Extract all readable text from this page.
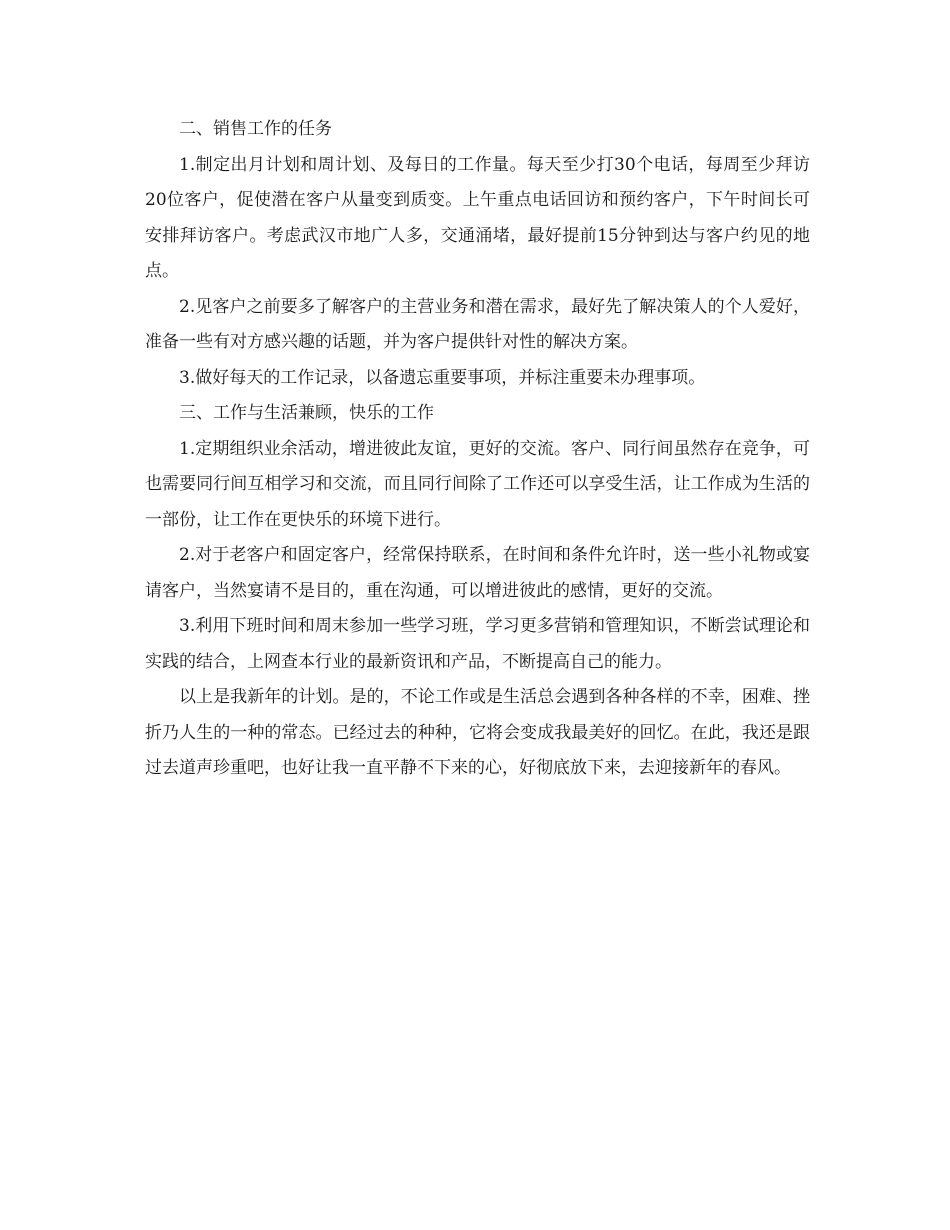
二、销售工作的任务

1.制定出月计划和周计划、及每日的工作量。每天至少打30个电话，每周至少拜访20位客户，促使潜在客户从量变到质变。上午重点电话回访和预约客户，下午时间长可安排拜访客户。考虑武汉市地广人多，交通涌堵，最好提前15分钟到达与客户约见的地点。

2.见客户之前要多了解客户的主营业务和潜在需求，最好先了解决策人的个人爱好，准备一些有对方感兴趣的话题，并为客户提供针对性的解决方案。

3.做好每天的工作记录，以备遗忘重要事项，并标注重要未办理事项。

三、工作与生活兼顾，快乐的工作

1.定期组织业余活动，增进彼此友谊，更好的交流。客户、同行间虽然存在竞争，可也需要同行间互相学习和交流，而且同行间除了工作还可以享受生活，让工作成为生活的一部份，让工作在更快乐的环境下进行。

2.对于老客户和固定客户，经常保持联系，在时间和条件允许时，送一些小礼物或宴请客户，当然宴请不是目的，重在沟通，可以增进彼此的感情，更好的交流。

3.利用下班时间和周末参加一些学习班，学习更多营销和管理知识，不断尝试理论和实践的结合，上网查本行业的最新资讯和产品，不断提高自己的能力。

以上是我新年的计划。是的，不论工作或是生活总会遇到各种各样的不幸，困难、挫折乃人生的一种的常态。已经过去的种种，它将会变成我最美好的回忆。在此，我还是跟过去道声珍重吧，也好让我一直平静不下来的心，好彻底放下来，去迎接新年的春风。
